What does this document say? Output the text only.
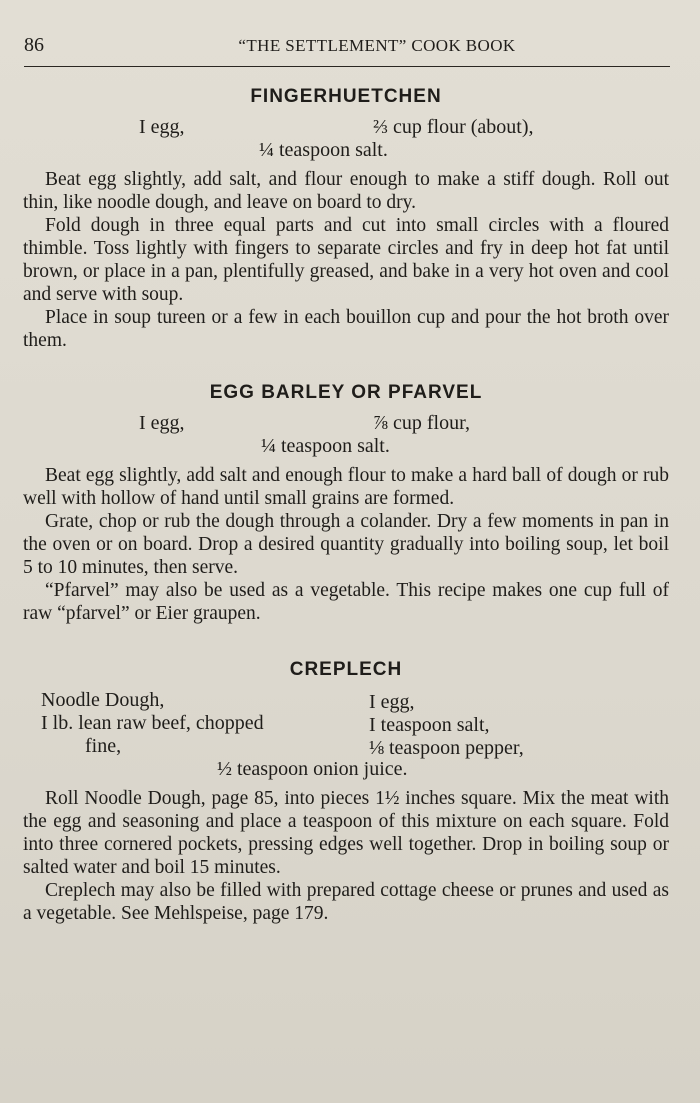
86	“THE SETTLEMENT” COOK BOOK
FINGERHUETCHEN
I egg,	⅔ cup flour (about),
¼ teaspoon salt.

Beat egg slightly, add salt, and flour enough to make a stiff dough. Roll out thin, like noodle dough, and leave on board to dry.

Fold dough in three equal parts and cut into small circles with a floured thimble. Toss lightly with fingers to separate circles and fry in deep hot fat until brown, or place in a pan, plentifully greased, and bake in a very hot oven and cool and serve with soup.

Place in soup tureen or a few in each bouillon cup and pour the hot broth over them.

EGG BARLEY OR PFARVEL
I egg,	⅞ cup flour,
¼ teaspoon salt.

Beat egg slightly, add salt and enough flour to make a hard ball of dough or rub well with hollow of hand until small grains are formed.

Grate, chop or rub the dough through a colander. Dry a few moments in pan in the oven or on board. Drop a desired quantity gradually into boiling soup, let boil 5 to 10 minutes, then serve.

“Pfarvel” may also be used as a vegetable. This recipe makes one cup full of raw “pfarvel” or Eier graupen.

CREPLECH
Noodle Dough,
I lb. lean raw beef, chopped
fine,
I egg,
I teaspoon salt,
⅛ teaspoon pepper,
½ teaspoon onion juice.

Roll Noodle Dough, page 85, into pieces 1½ inches square. Mix the meat with the egg and seasoning and place a teaspoon of this mixture on each square. Fold into three cornered pockets, pressing edges well together. Drop in boiling soup or salted water and boil 15 minutes.

Creplech may also be filled with prepared cottage cheese or prunes and used as a vegetable. See Mehlspeise, page 179.
